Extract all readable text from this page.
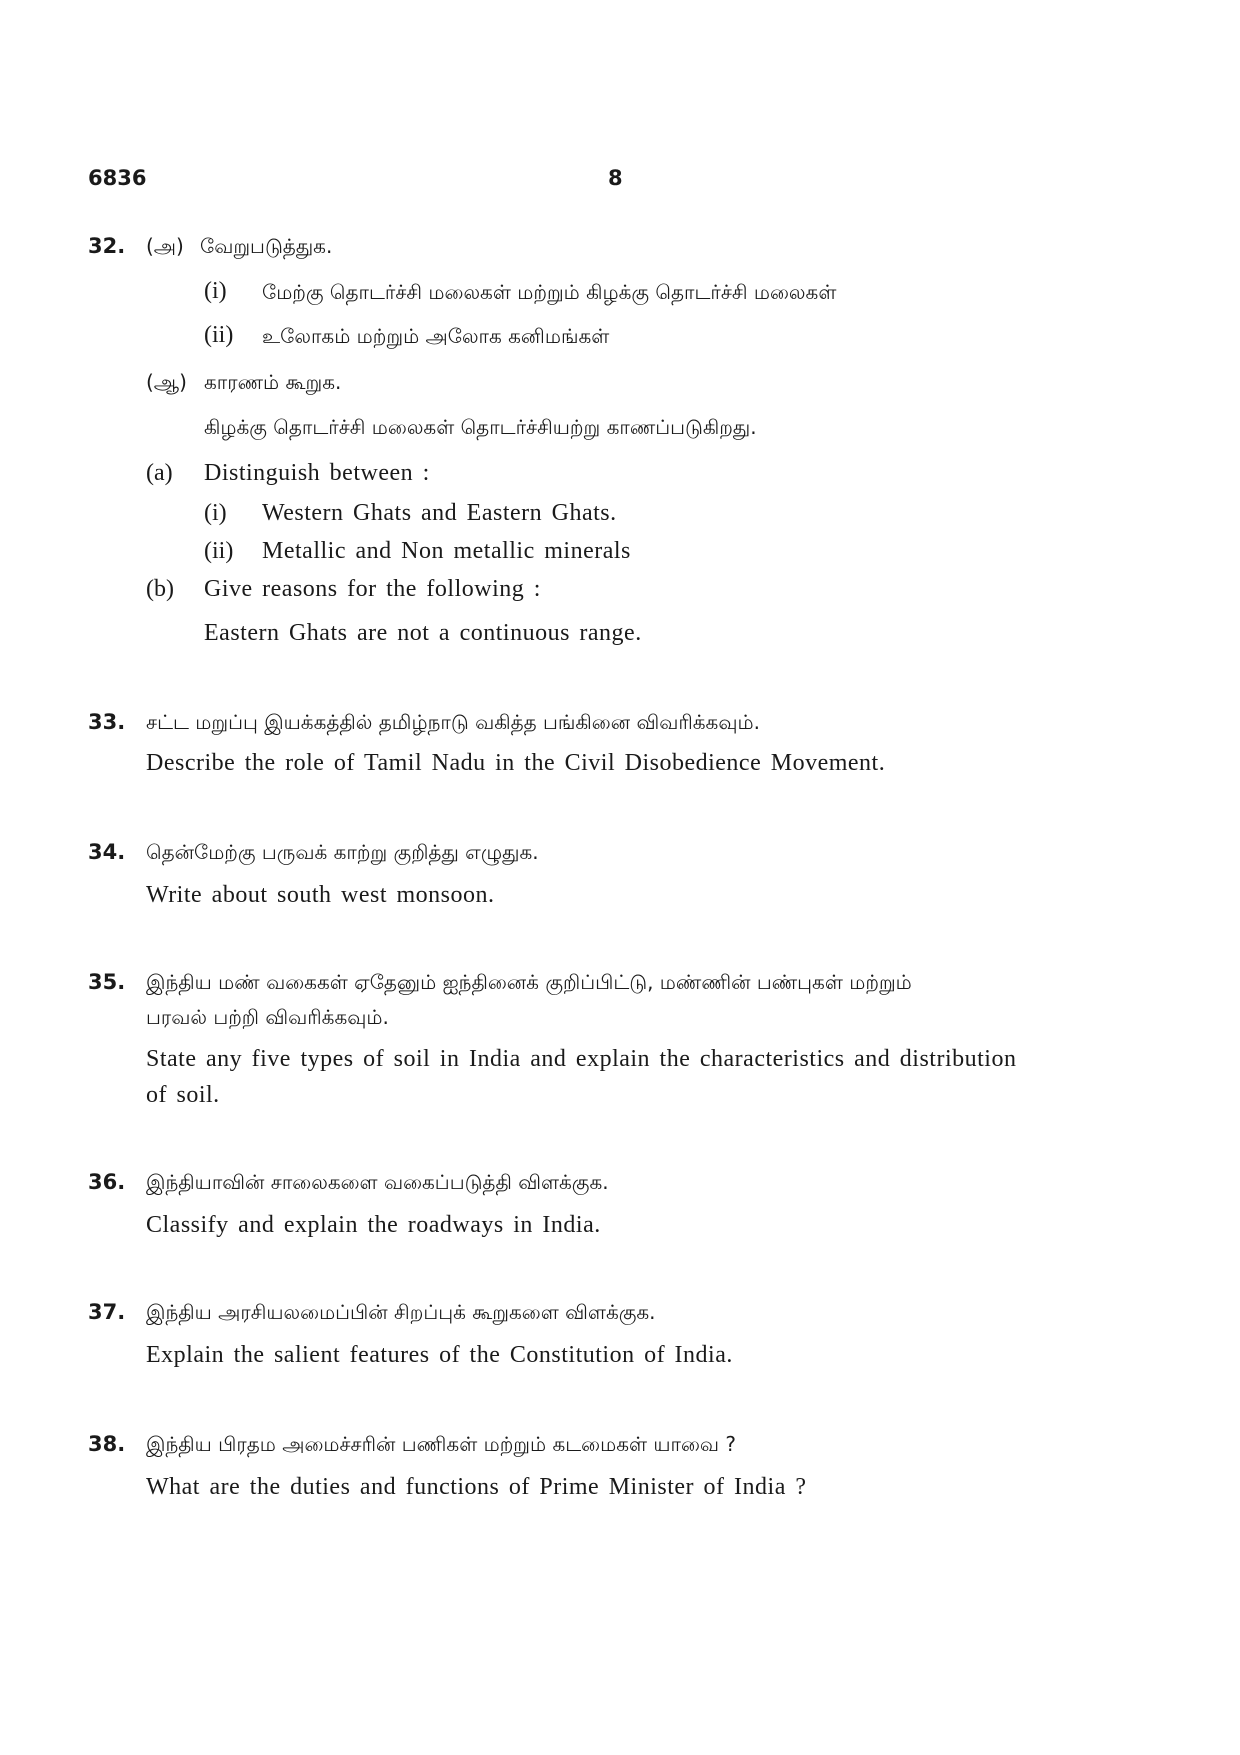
6836	8
32. (அ) வேறுபடுத்துக.
(i) மேற்கு தொடர்ச்சி மலைகள் மற்றும் கிழக்கு தொடர்ச்சி மலைகள்
(ii) உலோகம் மற்றும் அலோக கனிமங்கள்
(ஆ) காரணம் கூறுக.
கிழக்கு தொடர்ச்சி மலைகள் தொடர்ச்சியற்று காணப்படுகிறது.
(a) Distinguish between :
(i) Western Ghats and Eastern Ghats.
(ii) Metallic and Non metallic minerals
(b) Give reasons for the following :
Eastern Ghats are not a continuous range.
33. சட்ட மறுப்பு இயக்கத்தில் தமிழ்நாடு வகித்த பங்கினை விவரிக்கவும்.
Describe the role of Tamil Nadu in the Civil Disobedience Movement.
34. தென்மேற்கு பருவக் காற்று குறித்து எழுதுக.
Write about south west monsoon.
35. இந்திய மண் வகைகள் ஏதேனும் ஐந்தினைக் குறிப்பிட்டு, மண்ணின் பண்புகள் மற்றும்
பரவல் பற்றி விவரிக்கவும்.
State any five types of soil in India and explain the characteristics and distribution
of soil.
36. இந்தியாவின் சாலைகளை வகைப்படுத்தி விளக்குக.
Classify and explain the roadways in India.
37. இந்திய அரசியலமைப்பின் சிறப்புக் கூறுகளை விளக்குக.
Explain the salient features of the Constitution of India.
38. இந்திய பிரதம அமைச்சரின் பணிகள் மற்றும் கடமைகள் யாவை ?
What are the duties and functions of Prime Minister of India ?
